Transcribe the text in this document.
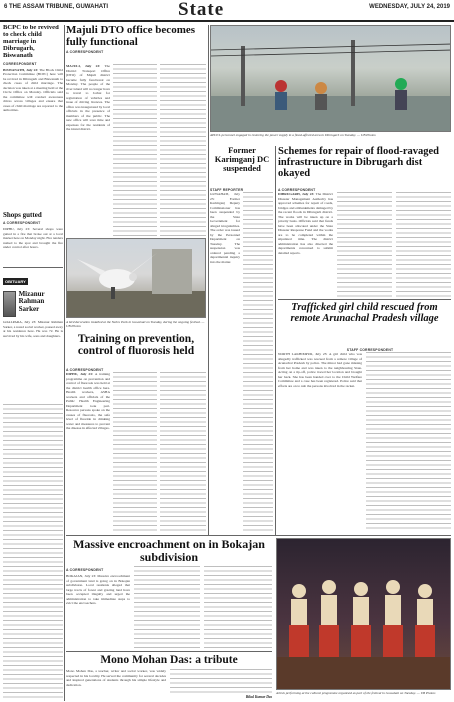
6 THE ASSAM TRIBUNE, GUWAHATI	State	WEDNESDAY, JULY 24, 2019
BCPC to be revived to check child marriage in Dibrugarh, Biswanath
CORRESPONDENT
BISWANATH, July 23: The Block Child Protection Committee (BCPC) here will be revived in Dibrugarh and Biswanath to check cases of child marriage. The decision was taken at a meeting held at the Circle Office on Monday. Officials said the committee will conduct awareness drives across villages and ensure that cases of child marriage are reported to the authorities.
Shops gutted
A CORRESPONDENT
DIPHU, July 23: Several shops were gutted in a fire that broke out at a local market here on Monday night. Fire tenders rushed to the spot and brought the fire under control after hours.
OBITUARY
Mizanur Rahman Sarker
GOALPARA, July 23: Mizanur Rahman Sarker, a noted social worker, passed away at his residence here. He was 72. He is survived by his wife, sons and daughters.
Majuli DTO office becomes fully functional
A CORRESPONDENT
MAJULI, July 23: The District Transport Office (DTO) of Majuli district became fully functional on Monday. The people of the river island will no longer have to travel to Jorhat for registration of vehicles and issue of driving licences. The office was inaugurated by local officials in the presence of members of the public. The new office will save time and expenses for the residents of the island district.
A bird decoration installed at the Nehru Park in Guwahati on Tuesday, during the ongoing festival. — UB Photos
Training on prevention, control of fluorosis held
A CORRESPONDENT
DIPHU, July 23: A training programme on prevention and control of fluorosis was held at the district health office here. Health workers, ASHA workers and officials of the Public Health Engineering Department took part. Resource persons spoke on the causes of fluorosis, the safe level of fluoride in drinking water and measures to prevent the disease in affected villages.
Massive encroachment on in Bokajan subdivision
A CORRESPONDENT
BOKAJAN, July 23: Massive encroachment of government land is going on in Bokajan subdivision. Local residents alleged that large tracts of forest and grazing land have been occupied illegally and urged the administration to take immediate steps to evict the encroachers.
Mono Mohan Das: a tribute
Mono Mohan Das, a teacher, writer and social worker, was widely respected in his locality. He served the community for several decades and inspired generations of students through his simple lifestyle and dedication.
Bikul Kumar Das
APDCL personnel engaged in restoring the power supply in a flood-affected area in Dibrugarh on Tuesday. — UB Photos
Former Karimganj DC suspended
STAFF REPORTER
GUWAHATI, July 23: Former Karimganj Deputy Commissioner has been suspended by the State Government for alleged irregularities. The order was issued by the Personnel Department on Tuesday. The suspension was ordered pending a departmental inquiry into the matter.
Schemes for repair of flood-ravaged infrastructure in Dibrugarh dist okayed
A CORRESPONDENT
DIBRUGARH, July 23: The District Disaster Management Authority has approved schemes for repair of roads, bridges and embankments damaged by the recent floods in Dibrugarh district. The works will be taken up on a priority basis. Officials said that funds have been allocated under the State Disaster Response Fund and the works are to be completed within the stipulated time. The district administration has also directed the departments concerned to submit detailed reports.
Trafficked girl child rescued from remote Arunachal Pradesh village
STAFF CORRESPONDENT
NORTH LAKHIMPUR, July 23: A girl child who was allegedly trafficked was rescued from a remote village of Arunachal Pradesh by police. The minor had gone missing from her home and was taken to the neighbouring State. Acting on a tip-off, police traced her location and brought her back. She has been handed over to the Child Welfare Committee and a case has been registered. Police said that efforts are on to nab the persons involved in the racket.
Artists performing at the cultural programme organised as part of the festival in Guwahati on Tuesday. — UB Photos
